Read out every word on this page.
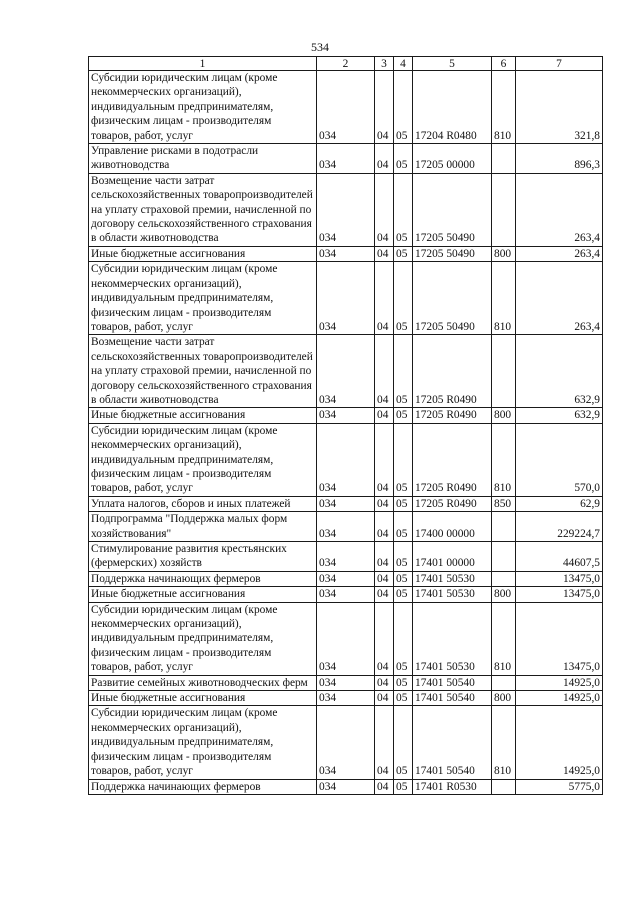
534
1	2	3	4	5	6	7
Субсидии юридическим лицам (кроме некоммерческих организаций), индивидуальным предпринимателям, физическим лицам - производителям товаров, работ, услуг	034	04	05	17204 R0480	810	321,8
Управление рисками в подотрасли животноводства	034	04	05	17205 00000		896,3
Возмещение части затрат сельскохозяйственных товаропроизводителей на уплату страховой премии, начисленной по договору сельскохозяйственного страхования в области животноводства	034	04	05	17205 50490		263,4
Иные бюджетные ассигнования	034	04	05	17205 50490	800	263,4
Субсидии юридическим лицам (кроме некоммерческих организаций), индивидуальным предпринимателям, физическим лицам - производителям товаров, работ, услуг	034	04	05	17205 50490	810	263,4
Возмещение части затрат сельскохозяйственных товаропроизводителей на уплату страховой премии, начисленной по договору сельскохозяйственного страхования в области животноводства	034	04	05	17205 R0490		632,9
Иные бюджетные ассигнования	034	04	05	17205 R0490	800	632,9
Субсидии юридическим лицам (кроме некоммерческих организаций), индивидуальным предпринимателям, физическим лицам - производителям товаров, работ, услуг	034	04	05	17205 R0490	810	570,0
Уплата налогов, сборов и иных платежей	034	04	05	17205 R0490	850	62,9
Подпрограмма "Поддержка малых форм хозяйствования"	034	04	05	17400 00000		229224,7
Стимулирование развития крестьянских (фермерских) хозяйств	034	04	05	17401 00000		44607,5
Поддержка начинающих фермеров	034	04	05	17401 50530		13475,0
Иные бюджетные ассигнования	034	04	05	17401 50530	800	13475,0
Субсидии юридическим лицам (кроме некоммерческих организаций), индивидуальным предпринимателям, физическим лицам - производителям товаров, работ, услуг	034	04	05	17401 50530	810	13475,0
Развитие семейных животноводческих ферм	034	04	05	17401 50540		14925,0
Иные бюджетные ассигнования	034	04	05	17401 50540	800	14925,0
Субсидии юридическим лицам (кроме некоммерческих организаций), индивидуальным предпринимателям, физическим лицам - производителям товаров, работ, услуг	034	04	05	17401 50540	810	14925,0
Поддержка начинающих фермеров	034	04	05	17401 R0530		5775,0
